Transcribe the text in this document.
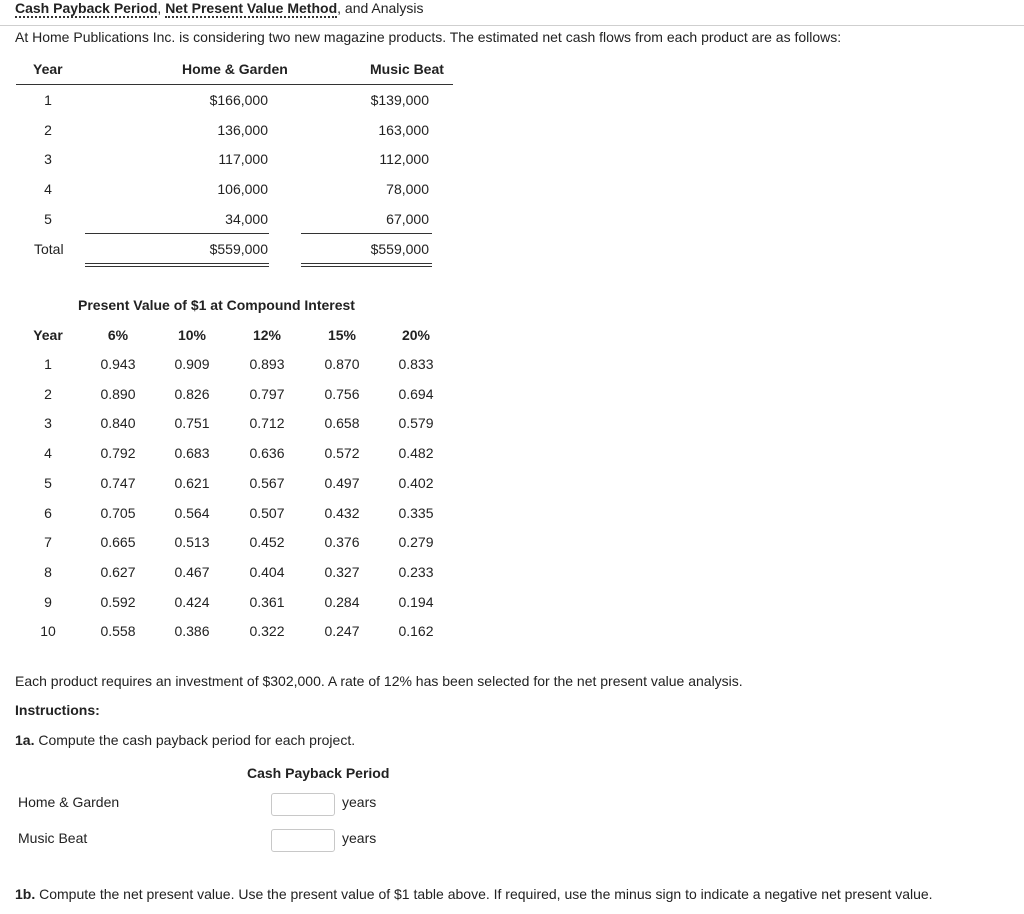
Cash Payback Period, Net Present Value Method, and Analysis
At Home Publications Inc. is considering two new magazine products. The estimated net cash flows from each product are as follows:
Year	Home & Garden	Music Beat
1	$166,000	$139,000
2	136,000	163,000
3	117,000	112,000
4	106,000	78,000
5	34,000	67,000
Total	$559,000	$559,000
Present Value of $1 at Compound Interest
Year	6%	10%	12%	15%	20%
1	0.943	0.909	0.893	0.870	0.833
2	0.890	0.826	0.797	0.756	0.694
3	0.840	0.751	0.712	0.658	0.579
4	0.792	0.683	0.636	0.572	0.482
5	0.747	0.621	0.567	0.497	0.402
6	0.705	0.564	0.507	0.432	0.335
7	0.665	0.513	0.452	0.376	0.279
8	0.627	0.467	0.404	0.327	0.233
9	0.592	0.424	0.361	0.284	0.194
10	0.558	0.386	0.322	0.247	0.162
Each product requires an investment of $302,000. A rate of 12% has been selected for the net present value analysis.
Instructions:
1a. Compute the cash payback period for each project.
Cash Payback Period
Home & Garden	years
Music Beat	years
1b. Compute the net present value. Use the present value of $1 table above. If required, use the minus sign to indicate a negative net present value.
